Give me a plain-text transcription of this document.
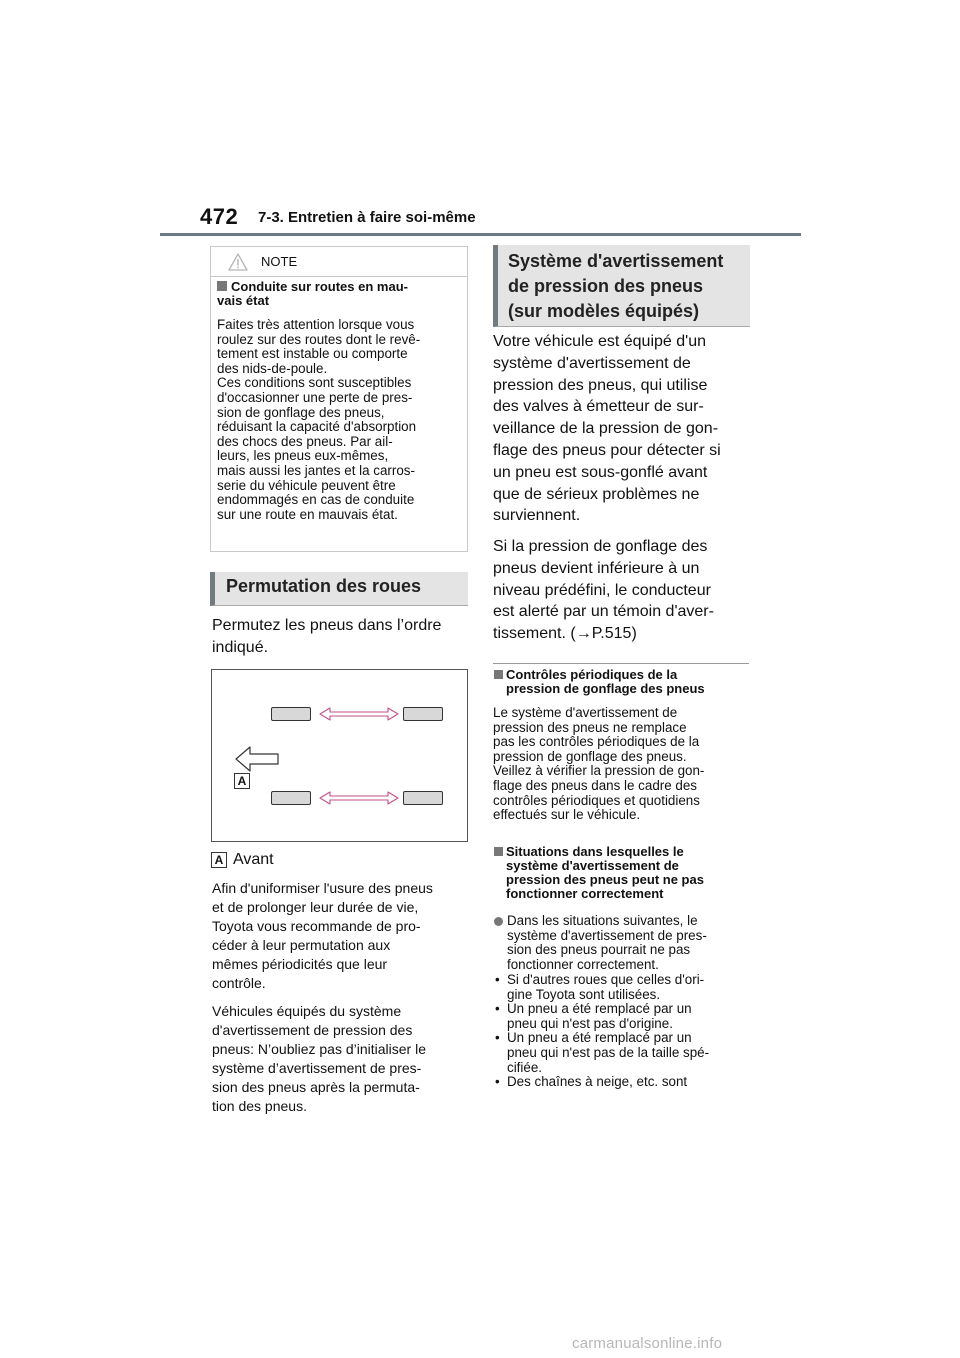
472 7-3. Entretien à faire soi-même
NOTE
Conduite sur routes en mau-
vais état
Faites très attention lorsque vous
roulez sur des routes dont le revê-
tement est instable ou comporte
des nids-de-poule.
Ces conditions sont susceptibles
d'occasionner une perte de pres-
sion de gonflage des pneus,
réduisant la capacité d'absorption
des chocs des pneus. Par ail-
leurs, les pneus eux-mêmes,
mais aussi les jantes et la carros-
serie du véhicule peuvent être
endommagés en cas de conduite
sur une route en mauvais état.
Permutation des roues
Permutez les pneus dans l’ordre
indiqué.
A
A Avant
Afin d'uniformiser l'usure des pneus
et de prolonger leur durée de vie,
Toyota vous recommande de pro-
céder à leur permutation aux
mêmes périodicités que leur
contrôle.
Véhicules équipés du système
d'avertissement de pression des
pneus: N’oubliez pas d’initialiser le
système d’avertissement de pres-
sion des pneus après la permuta-
tion des pneus.
Système d'avertissement
de pression des pneus
(sur modèles équipés)
Votre véhicule est équipé d'un
système d'avertissement de
pression des pneus, qui utilise
des valves à émetteur de sur-
veillance de la pression de gon-
flage des pneus pour détecter si
un pneu est sous-gonflé avant
que de sérieux problèmes ne
surviennent.
Si la pression de gonflage des
pneus devient inférieure à un
niveau prédéfini, le conducteur
est alerté par un témoin d'aver-
tissement. (→P.515)
Contrôles périodiques de la
pression de gonflage des pneus
Le système d'avertissement de
pression des pneus ne remplace
pas les contrôles périodiques de la
pression de gonflage des pneus.
Veillez à vérifier la pression de gon-
flage des pneus dans le cadre des
contrôles périodiques et quotidiens
effectués sur le véhicule.
Situations dans lesquelles le
système d'avertissement de
pression des pneus peut ne pas
fonctionner correctement
Dans les situations suivantes, le
système d'avertissement de pres-
sion des pneus pourrait ne pas
fonctionner correctement.
• Si d'autres roues que celles d'ori-
gine Toyota sont utilisées.
• Un pneu a été remplacé par un
pneu qui n'est pas d'origine.
• Un pneu a été remplacé par un
pneu qui n'est pas de la taille spé-
cifiée.
• Des chaînes à neige, etc. sont
carmanualsonline.info
